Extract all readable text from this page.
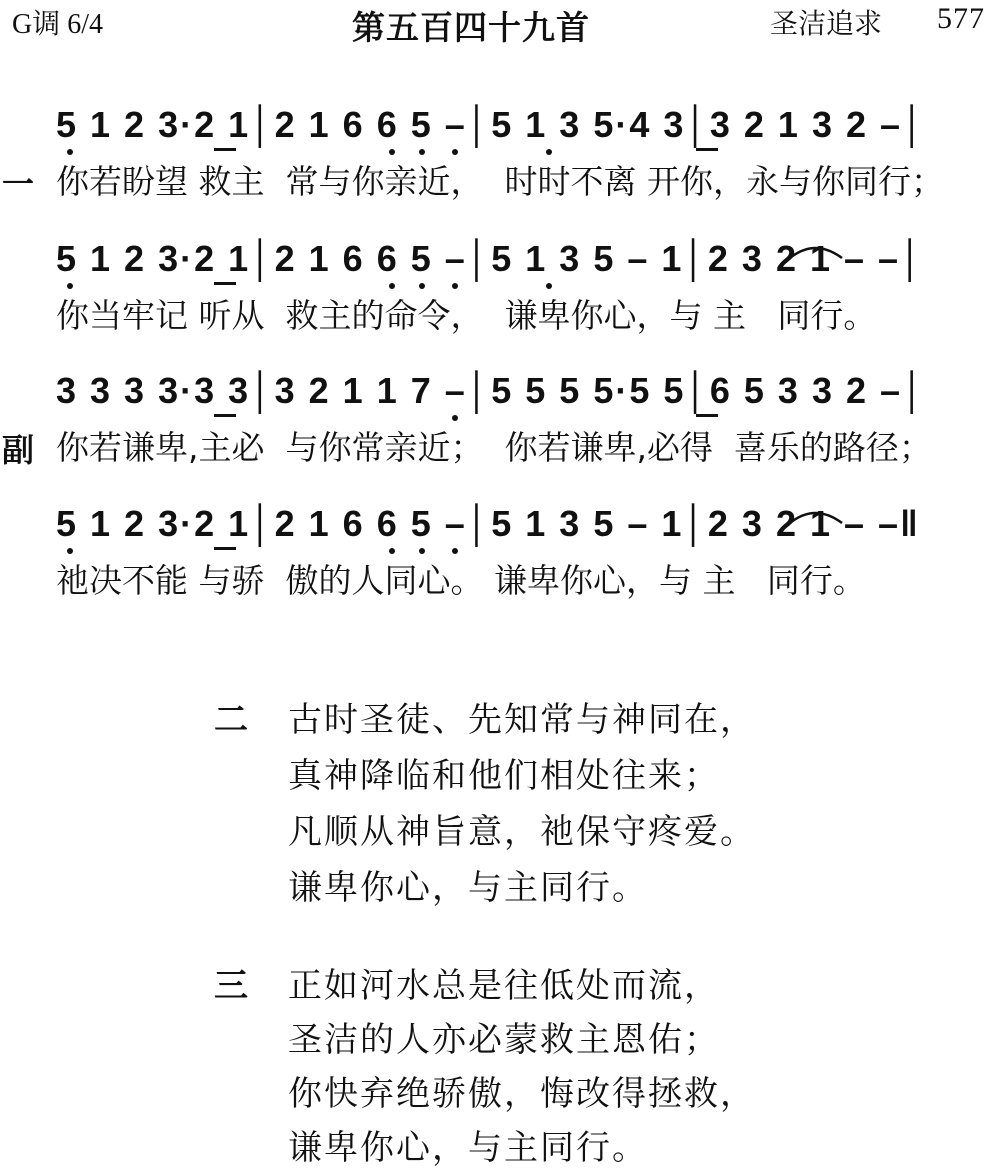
G调 6/4	第五百四十九首	圣洁追求 577
一
5 1 2 3·2 1│2 1 6 6 5 –│5 1 3 5·4 3│3 2 1 3 2 –│
你若盼望 救主  常与你亲近，  时时不离 开你，永与你同行；
5 1 2 3·2 1│2 1 6 6 5 –│5 1 3 5 – 1│2 3 2 1 – –│
你当牢记 听从  救主的命令，  谦卑你心，与 主   同行。
副
3 3 3 3·3 3│3 2 1 1 7 –│5 5 5 5·5 5│6 5 3 3 2 –│
你若谦卑,主必  与你常亲近；  你若谦卑,必得  喜乐的路径；
5 1 2 3·2 1│2 1 6 6 5 –│5 1 3 5 – 1│2 3 2 1 – –‖
祂决不能 与骄  傲的人同心。 谦卑你心，与 主   同行。
二 古时圣徒、先知常与神同在，
真神降临和他们相处往来；
凡顺从神旨意，祂保守疼爱。
谦卑你心，与主同行。
三 正如河水总是往低处而流，
圣洁的人亦必蒙救主恩佑；
你快弃绝骄傲，悔改得拯救，
谦卑你心，与主同行。
